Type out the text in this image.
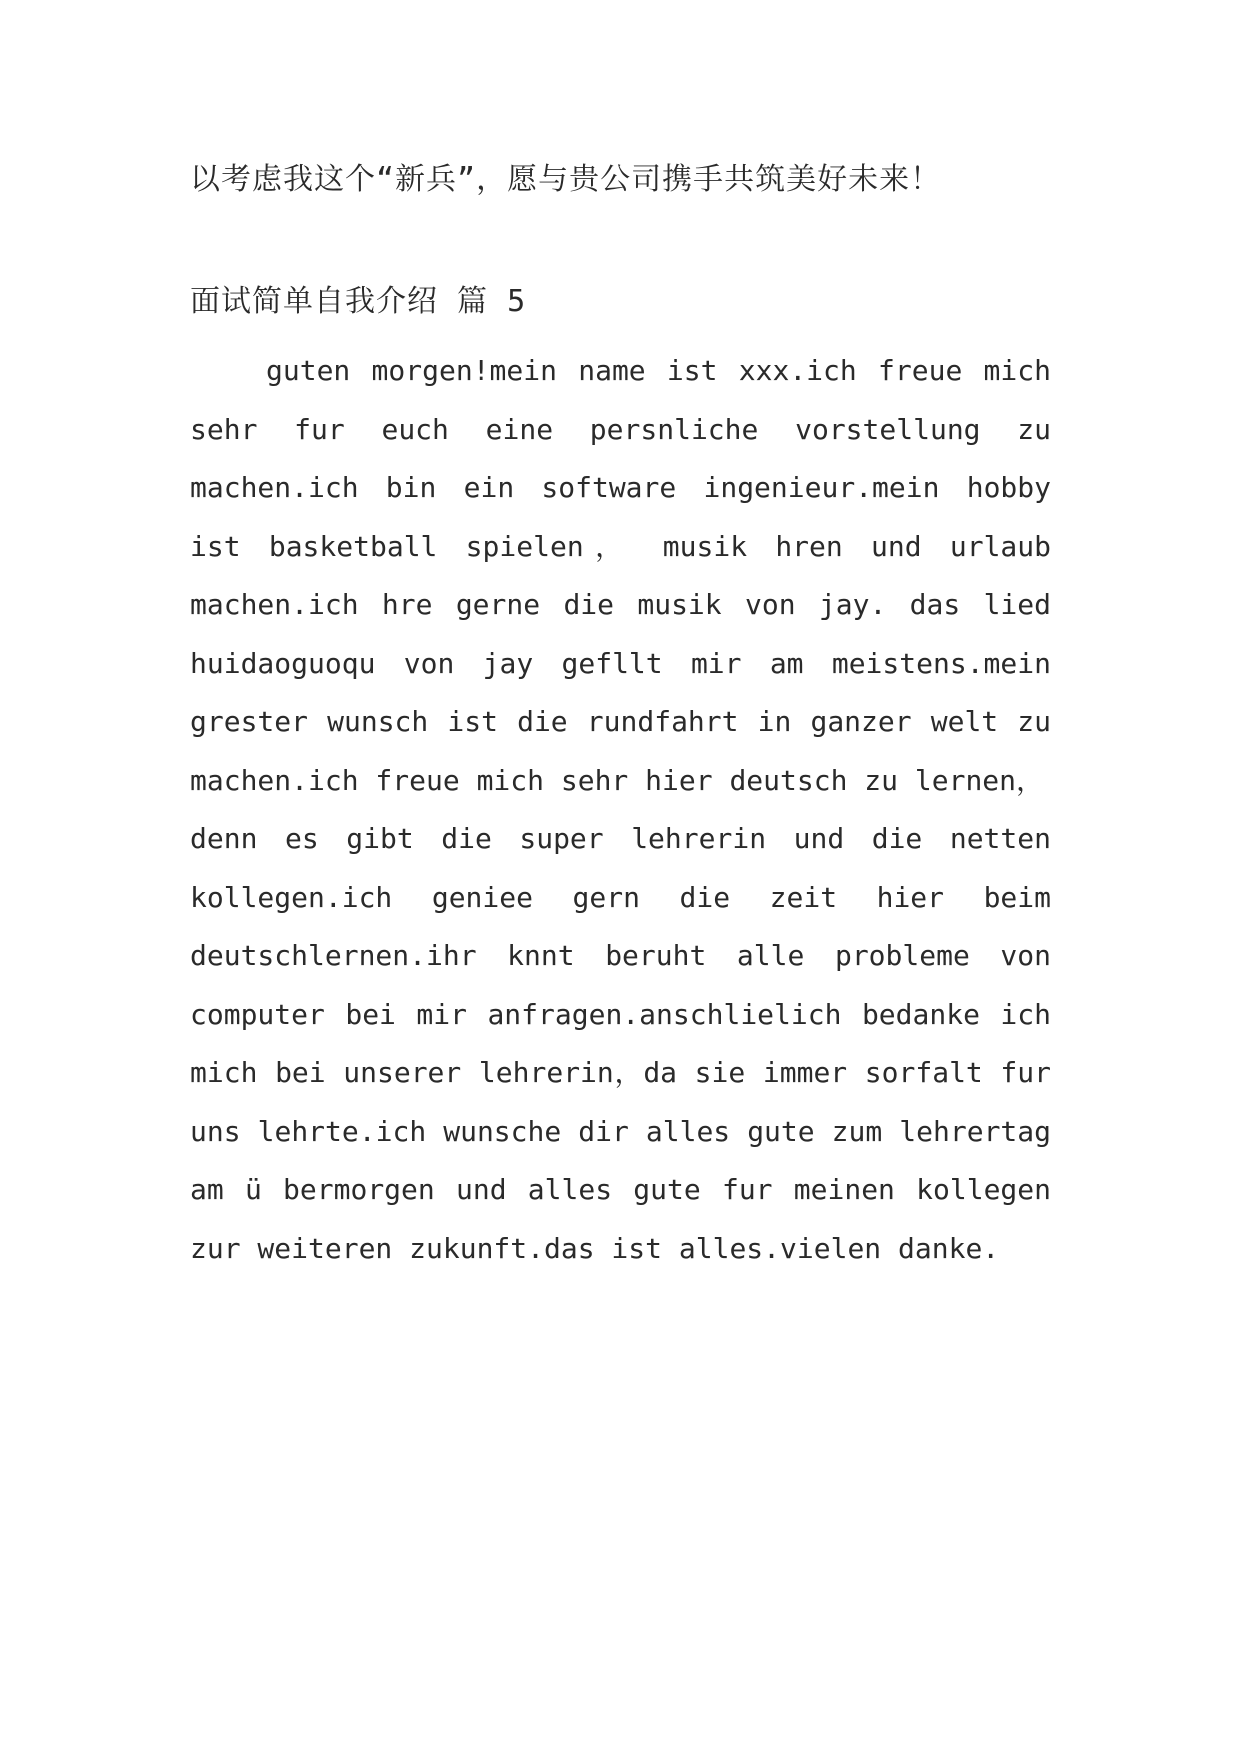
以考虑我这个“新兵”，愿与贵公司携手共筑美好未来！
面试简单自我介绍 篇 5
guten morgen!mein name ist xxx.ich freue mich
sehr fur euch eine persnliche vorstellung zu
machen.ich bin ein software ingenieur.mein hobby
ist basketball spielen， musik hren und urlaub
machen.ich hre gerne die musik von jay. das lied
huidaoguoqu von jay gefllt mir am meistens.mein
grester wunsch ist die rundfahrt in ganzer welt zu
machen.ich freue mich sehr hier deutsch zu lernen，
denn es gibt die super lehrerin und die netten
kollegen.ich geniee gern die zeit hier beim
deutschlernen.ihr knnt beruht alle probleme von
computer bei mir anfragen.anschlielich bedanke ich
mich bei unserer lehrerin，da sie immer sorfalt fur
uns lehrte.ich wunsche dir alles gute zum lehrertag
am ü bermorgen und alles gute fur meinen kollegen
zur weiteren zukunft.das ist alles.vielen danke.
